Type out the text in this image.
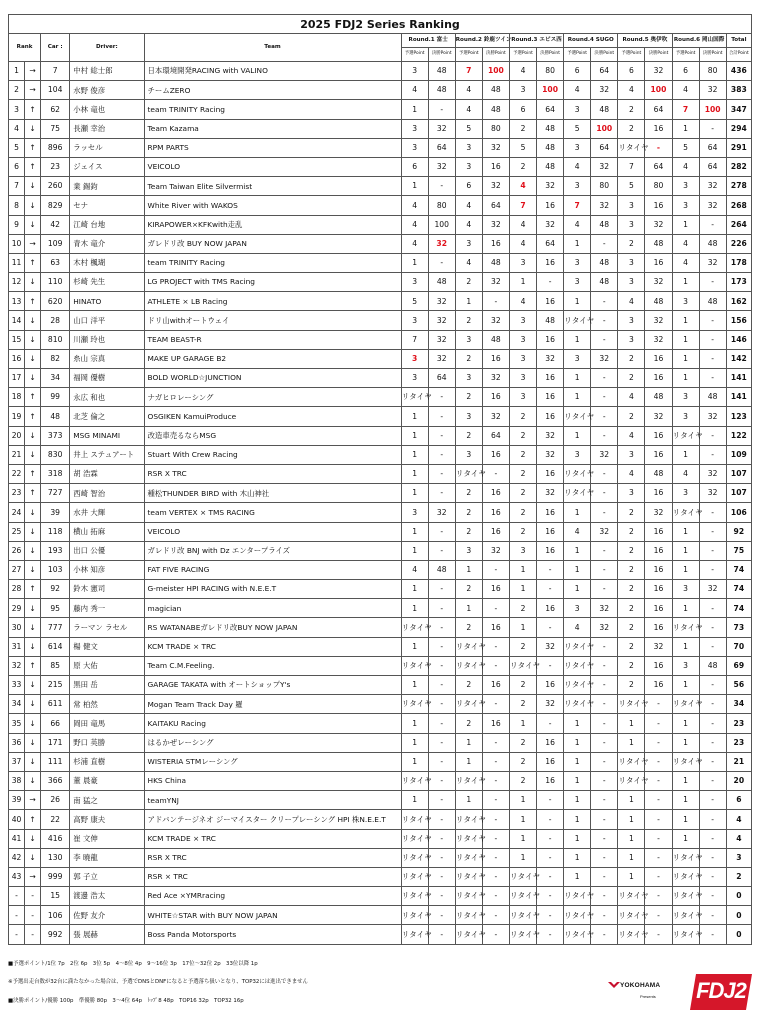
2025 FDJ2 Series Ranking																	
Rank		Car :	Driver:	Team	Round.1 富士		Round.2 鈴鹿ツイン		Round.3 エビス西		Round.4 SUGO		Round.5 奥伊吹		Round.6 岡山国際		Total
					予選Point	決勝Point	予選Point	決勝Point	予選Point	決勝Point	予選Point	決勝Point	予選Point	決勝Point	予選Point	決勝Point	合計Point
1	→	7	中村 総士郎	日本環境開発RACING with VALINO	3	48	7	100	4	80	6	64	6	32	6	80	436
2	→	104	水野 俊彦	チームZERO	4	48	4	48	3	100	4	32	4	100	4	32	383
3	↑	62	小林 竜也	team TRINITY Racing	1	-	4	48	6	64	3	48	2	64	7	100	347
4	↓	75	長瀬 幸治	Team Kazama	3	32	5	80	2	48	5	100	2	16	1	-	294
5	↑	896	ラッセル	RPM PARTS	3	64	3	32	5	48	3	64	リタイヤ	-	5	64	291
6	↑	23	ジェイス	VEICOLO	6	32	3	16	2	48	4	32	7	64	4	64	282
7	↓	260	業 錫鈞	Team Taiwan Elite Silvermist	1	-	6	32	4	32	3	80	5	80	3	32	278
8	↓	829	セナ	White River with WAKOS	4	80	4	64	7	16	7	32	3	16	3	32	268
9	↓	42	江崎 台地	KIRAPOWER×KFKwith走乱	4	100	4	32	4	32	4	48	3	32	1	-	264
10	→	109	青木 竜介	ガレドリ改 BUY NOW JAPAN	4	32	3	16	4	64	1	-	2	48	4	48	226
11	↑	63	木村 楓瑚	team TRINITY Racing	1	-	4	48	3	16	3	48	3	16	4	32	178
12	↓	110	杉崎 先生	LG PROJECT with TMS Racing	3	48	2	32	1	-	3	48	3	32	1	-	173
13	↑	620	HINATO	ATHLETE × LB Racing	5	32	1	-	4	16	1	-	4	48	3	48	162
14	↓	28	山口 洋平	ドリ山withオートウェイ	3	32	2	32	3	48	リタイヤ	-	3	32	1	-	156
15	↓	810	川瀬 玲也	TEAM BEAST-R	7	32	3	48	3	16	1	-	3	32	1	-	146
16	↓	82	糸山 宗真	MAKE UP GARAGE B2	3	32	2	16	3	32	3	32	2	16	1	-	142
17	↓	34	福岡 優樹	BOLD WORLD☆JUNCTION	3	64	3	32	3	16	1	-	2	16	1	-	141
18	↑	99	永広 和也	ナガヒロレーシング	リタイヤ	-	2	16	3	16	1	-	4	48	3	48	141
19	↑	48	北芝 倫之	OSGIKEN KamuiProduce	1	-	3	32	2	16	リタイヤ	-	2	32	3	32	123
20	↓	373	MSG MINAMI	改造車売るならMSG	1	-	2	64	2	32	1	-	4	16	リタイヤ	-	122
21	↓	830	井上 ステュアート	Stuart With Crew Racing	1	-	3	16	2	32	3	32	3	16	1	-	109
22	↑	318	胡 浩霖	RSR X TRC	1	-	リタイヤ	-	2	16	リタイヤ	-	4	48	4	32	107
23	↑	727	西崎 智治	種松THUNDER BIRD with 木山神社	1	-	2	16	2	32	リタイヤ	-	3	16	3	32	107
24	↓	39	水井 大輝	team VERTEX × TMS RACING	3	32	2	16	2	16	1	-	2	32	リタイヤ	-	106
25	↓	118	横山 拓麻	VEICOLO	1	-	2	16	2	16	4	32	2	16	1	-	92
26	↓	193	出口 公優	ガレドリ改 BNJ with Dz エンタープライズ	1	-	3	32	3	16	1	-	2	16	1	-	75
27	↓	103	小林 知彦	FAT FIVE RACING	4	48	1	-	1	-	1	-	2	16	1	-	74
28	↑	92	鈴木 憲司	G-meister HPI RACING with N.E.E.T	1	-	2	16	1	-	1	-	2	16	3	32	74
29	↓	95	藤内 秀一	magician	1	-	1	-	2	16	3	32	2	16	1	-	74
30	↓	777	ラーマン ラセル	RS WATANABEガレドリ改BUY NOW JAPAN	リタイヤ	-	2	16	1	-	4	32	2	16	リタイヤ	-	73
31	↓	614	楊 健文	KCM TRADE × TRC	1	-	リタイヤ	-	2	32	リタイヤ	-	2	32	1	-	70
32	↑	85	原 大佑	Team C.M.Feeling.	リタイヤ	-	リタイヤ	-	リタイヤ	-	リタイヤ	-	2	16	3	48	69
33	↓	215	黒田 岳	GARAGE TAKATA with オートショップY's	1	-	2	16	2	16	リタイヤ	-	2	16	1	-	56
34	↓	611	常 柏然	Mogan Team Track Day 羅	リタイヤ	-	リタイヤ	-	2	32	リタイヤ	-	リタイヤ	-	リタイヤ	-	34
35	↓	66	岡田 竜馬	KAITAKU Racing	1	-	2	16	1	-	1	-	1	-	1	-	23
36	↓	171	野口 英勝	はるかぜレーシング	1	-	1	-	2	16	1	-	1	-	1	-	23
37	↓	111	杉浦 直樹	WISTERIA STMレーシング	1	-	1	-	2	16	1	-	リタイヤ	-	リタイヤ	-	21
38	↓	366	董 晨豪	HKS China	リタイヤ	-	リタイヤ	-	2	16	1	-	リタイヤ	-	1	-	20
39	→	26	南 猛之	teamYNJ	1	-	1	-	1	-	1	-	1	-	1	-	6
40	↑	22	高野 康夫	アドバンテージネオ ジーマイスター クリープレーシング HPI 株N.E.E.T	リタイヤ	-	リタイヤ	-	1	-	1	-	1	-	1	-	4
41	↓	416	崔 文伸	KCM TRADE × TRC	リタイヤ	-	リタイヤ	-	1	-	1	-	1	-	1	-	4
42	↓	130	李 曉龍	RSR X TRC	リタイヤ	-	リタイヤ	-	1	-	1	-	1	-	リタイヤ	-	3
43	→	999	郭 子立	RSR × TRC	リタイヤ	-	リタイヤ	-	リタイヤ	-	1	-	1	-	リタイヤ	-	2
-	-	15	渡邊 浩太	Red Ace ×YMRracing	リタイヤ	-	リタイヤ	-	リタイヤ	-	リタイヤ	-	リタイヤ	-	リタイヤ	-	0
-	-	106	佐野 友介	WHITE☆STAR with BUY NOW JAPAN	リタイヤ	-	リタイヤ	-	リタイヤ	-	リタイヤ	-	リタイヤ	-	リタイヤ	-	0
-	-	992	張 展赫	Boss Panda Motorsports	リタイヤ	-	リタイヤ	-	リタイヤ	-	リタイヤ	-	リタイヤ	-	リタイヤ	-	0
■予選ポイント/1位 7p　2位 6p　3位 5p　4〜8位 4p　9〜16位 3p　17位〜32位 2p　33位以降 1p
※予選出走台数が32台に満たなかった場合は、予選でDNSとDNFになると予選落ち扱いとなり、TOP32には進出できません
■決勝ポイント/優勝 100p　準優勝 80p　3〜4位 64p　ﾄｯﾌﾟ8 48p　TOP16 32p　TOP32 16p
YOKOHAMA
Presents FDJ2
